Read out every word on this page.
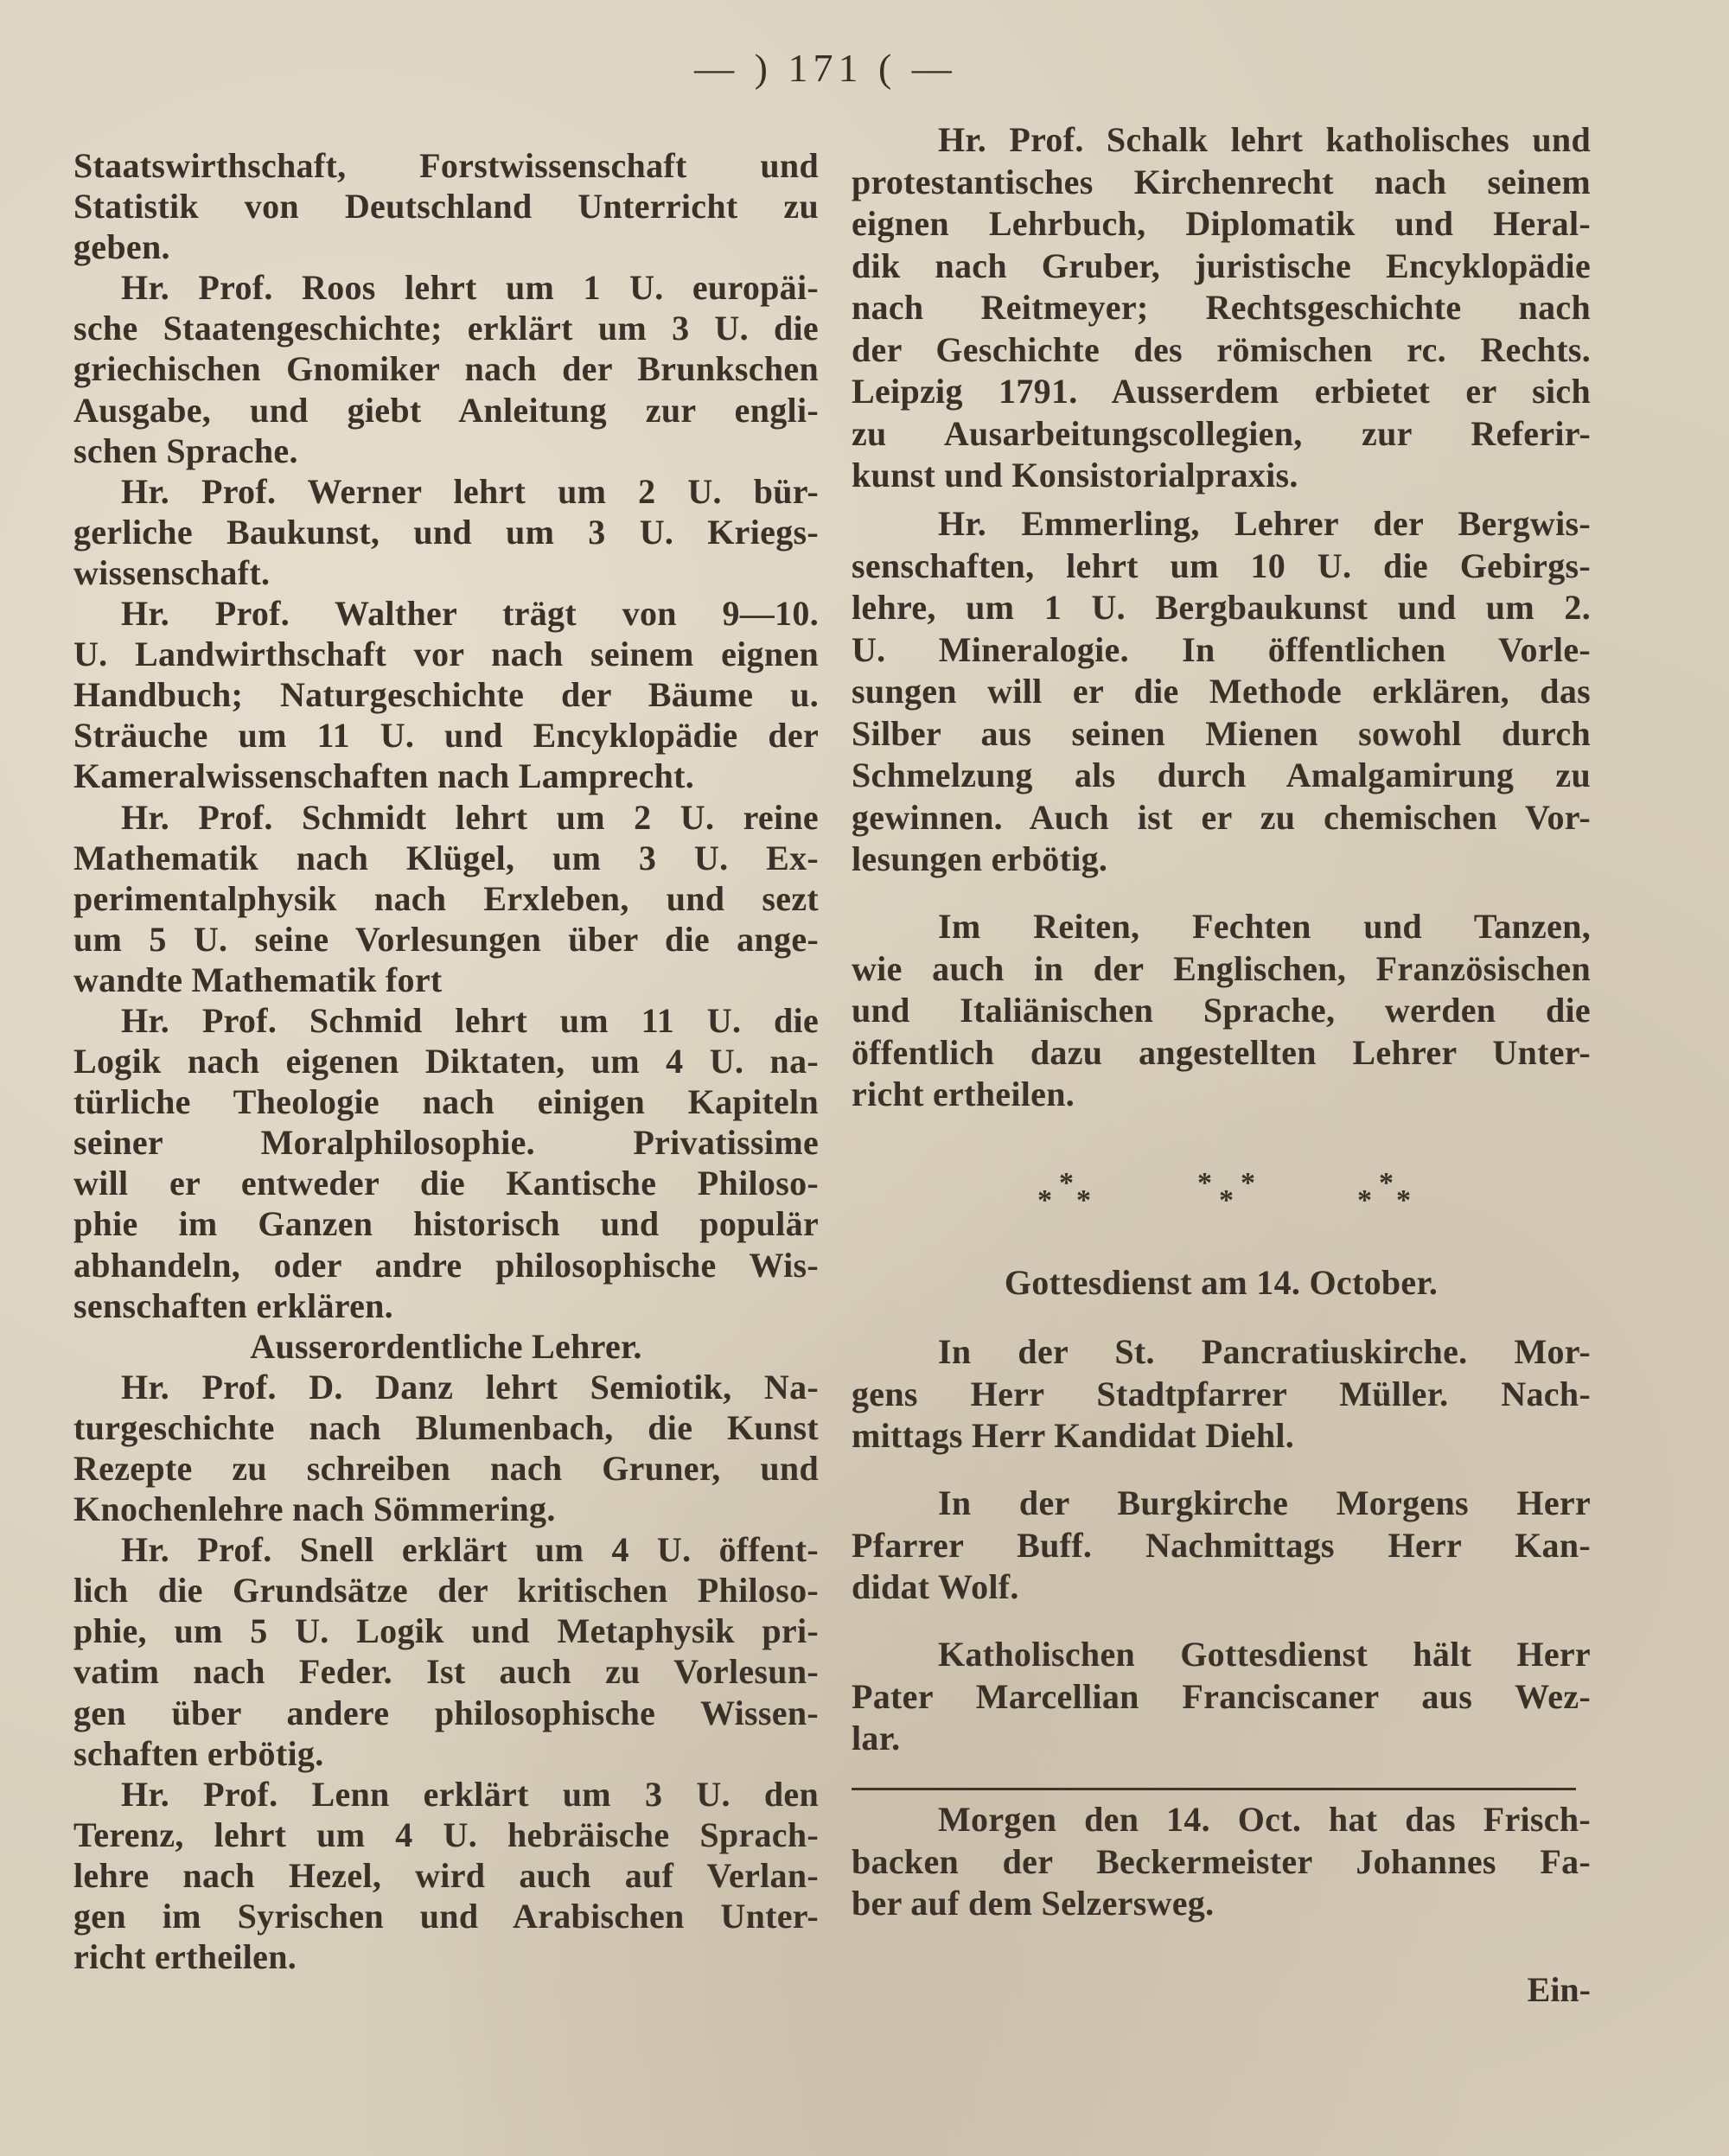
— ) 171 ( —
Staatswirthschaft, Forstwissenschaft und
Statistik von Deutschland Unterricht zu
geben.
Hr. Prof. Roos lehrt um 1 U. europäi-
sche Staatengeschichte; erklärt um 3 U. die
griechischen Gnomiker nach der Brunkschen
Ausgabe, und giebt Anleitung zur engli-
schen Sprache.
Hr. Prof. Werner lehrt um 2 U. bür-
gerliche Baukunst, und um 3 U. Kriegs-
wissenschaft.
Hr. Prof. Walther trägt von 9—10.
U. Landwirthschaft vor nach seinem eignen
Handbuch; Naturgeschichte der Bäume u.
Sträuche um 11 U. und Encyklopädie der
Kameralwissenschaften nach Lamprecht.
Hr. Prof. Schmidt lehrt um 2 U. reine
Mathematik nach Klügel, um 3 U. Ex-
perimentalphysik nach Erxleben, und sezt
um 5 U. seine Vorlesungen über die ange-
wandte Mathematik fort
Hr. Prof. Schmid lehrt um 11 U. die
Logik nach eigenen Diktaten, um 4 U. na-
türliche Theologie nach einigen Kapiteln
seiner Moralphilosophie. Privatissime
will er entweder die Kantische Philoso-
phie im Ganzen historisch und populär
abhandeln, oder andre philosophische Wis-
senschaften erklären.
Ausserordentliche Lehrer.
Hr. Prof. D. Danz lehrt Semiotik, Na-
turgeschichte nach Blumenbach, die Kunst
Rezepte zu schreiben nach Gruner, und
Knochenlehre nach Sömmering.
Hr. Prof. Snell erklärt um 4 U. öffent-
lich die Grundsätze der kritischen Philoso-
phie, um 5 U. Logik und Metaphysik pri-
vatim nach Feder. Ist auch zu Vorlesun-
gen über andere philosophische Wissen-
schaften erbötig.
Hr. Prof. Lenn erklärt um 3 U. den
Terenz, lehrt um 4 U. hebräische Sprach-
lehre nach Hezel, wird auch auf Verlan-
gen im Syrischen und Arabischen Unter-
richt ertheilen.
Hr. Prof. Schalk lehrt katholisches und
protestantisches Kirchenrecht nach seinem
eignen Lehrbuch, Diplomatik und Heral-
dik nach Gruber, juristische Encyklopädie
nach Reitmeyer; Rechtsgeschichte nach
der Geschichte des römischen rc. Rechts.
Leipzig 1791. Ausserdem erbietet er sich
zu Ausarbeitungscollegien, zur Referir-
kunst und Konsistorialpraxis.
Hr. Emmerling, Lehrer der Bergwis-
senschaften, lehrt um 10 U. die Gebirgs-
lehre, um 1 U. Bergbaukunst und um 2.
U. Mineralogie. In öffentlichen Vorle-
sungen will er die Methode erklären, das
Silber aus seinen Mienen sowohl durch
Schmelzung als durch Amalgamirung zu
gewinnen. Auch ist er zu chemischen Vor-
lesungen erbötig.
Im Reiten, Fechten und Tanzen,
wie auch in der Englischen, Französischen
und Italiänischen Sprache, werden die
öffentlich dazu angestellten Lehrer Unter-
richt ertheilen.
*
* *
* *
*
*
* *
Gottesdienst am 14. October.
In der St. Pancratiuskirche. Mor-
gens Herr Stadtpfarrer Müller. Nach-
mittags Herr Kandidat Diehl.
In der Burgkirche Morgens Herr
Pfarrer Buff. Nachmittags Herr Kan-
didat Wolf.
Katholischen Gottesdienst hält Herr
Pater Marcellian Franciscaner aus Wez-
lar.
Morgen den 14. Oct. hat das Frisch-
backen der Beckermeister Johannes Fa-
ber auf dem Selzersweg.
Ein-
